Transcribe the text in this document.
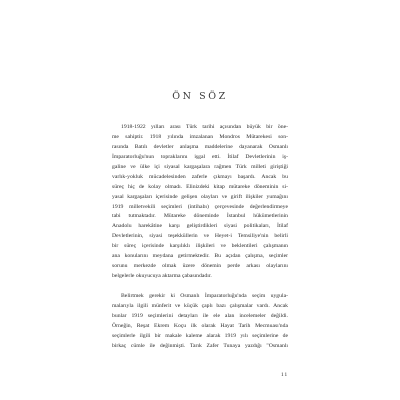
ÖN SÖZ

1918-1922 yılları arası Türk tarihi açısından büyük bir öne-
me sahiptir. 1918 yılında imzalanan Mondros Mütarekesi son-
rasında Batılı devletler anlaşma maddelerine dayanarak Osmanlı
İmparatorluğu'nun topraklarını işgal etti. İtilaf Devletlerinin iş-
galine ve ülke içi siyasal kargaşalara rağmen Türk milleti giriştiği
varlık-yokluk mücadelesinden zaferle çıkmayı başardı. Ancak bu
süreç hiç de kolay olmadı. Elinizdeki kitap mütareke döneminin si-
yasal kargaşaları içerisinde gelişen olayları ve girift ilişkiler yumağını
1919 milletvekili seçimleri (intihabı) çerçevesinde değerlendirmeye
tabi tutmaktadır. Mütareke döneminde İstanbul hükümetlerinin
Anadolu harekâtine karşı geliştirdikleri siyasi politikaları, İtilaf
Devletlerinin, siyasi teşekküllerin ve Heyet-i Temsiliye'nin belirli
bir süreç içerisinde karşılıklı ilişkileri ve beklentileri çalışmanın
ana konularını meydana getirmektedir. Bu açıdan çalışma, seçimler
sorunu merkezde olmak üzere dönemin perde arkası olaylarını
belgelerle okuyucuya aktarma çabasındadır.

Belirtmek gerekir ki Osmanlı İmparatorluğu'nda seçim uygula-
malarıyla ilgili münferit ve küçük çaplı bazı çalışmalar vardı. Ancak
bunlar 1919 seçimlerini detayları ile ele alan incelemeler değildi.
Örneğin, Reşat Ekrem Koçu ilk olarak Hayat Tarih Mecmuası'nda
seçimlerle ilgili bir makale kaleme alarak 1919 yılı seçimlerine de
birkaç cümle ile değinmişti. Tarık Zafer Tunaya yazdığı "Osmanlı

11
